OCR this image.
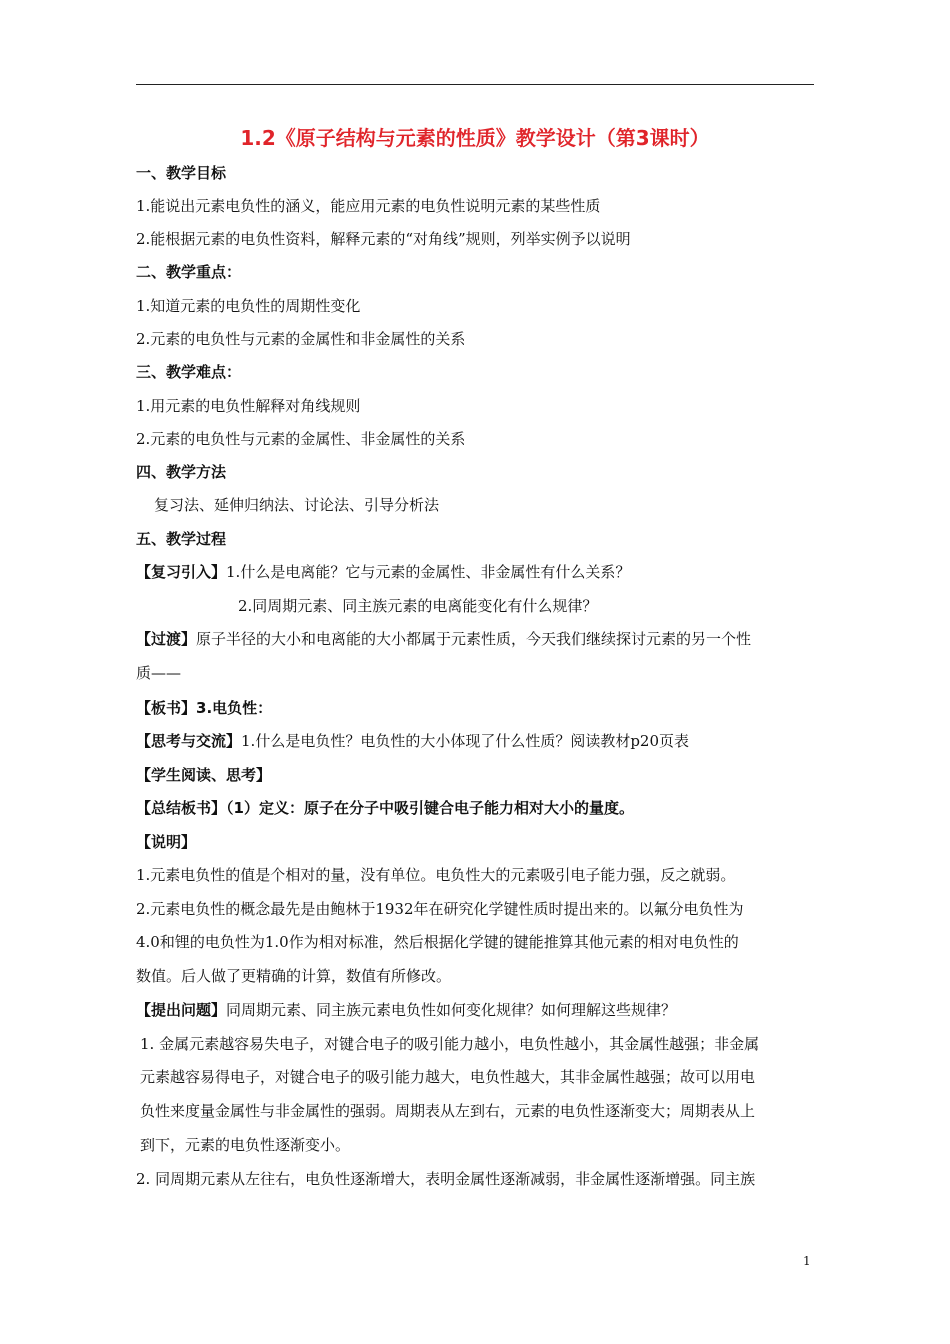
1.2《原子结构与元素的性质》教学设计（第3课时）
一、教学目标
1.能说出元素电负性的涵义，能应用元素的电负性说明元素的某些性质
2.能根据元素的电负性资料，解释元素的“对角线”规则，列举实例予以说明
二、教学重点：
1.知道元素的电负性的周期性变化
2.元素的电负性与元素的金属性和非金属性的关系
三、教学难点：
1.用元素的电负性解释对角线规则
2.元素的电负性与元素的金属性、非金属性的关系
四、教学方法
复习法、延伸归纳法、讨论法、引导分析法
五、教学过程
【复习引入】1.什么是电离能？它与元素的金属性、非金属性有什么关系？
2.同周期元素、同主族元素的电离能变化有什么规律？
【过渡】原子半径的大小和电离能的大小都属于元素性质，今天我们继续探讨元素的另一个性
质——
【板书】3.电负性：
【思考与交流】1.什么是电负性？电负性的大小体现了什么性质？阅读教材p20页表
【学生阅读、思考】
【总结板书】（1）定义：原子在分子中吸引键合电子能力相对大小的量度。
【说明】
1.元素电负性的值是个相对的量，没有单位。电负性大的元素吸引电子能力强，反之就弱。
2.元素电负性的概念最先是由鲍林于1932年在研究化学键性质时提出来的。以氟分电负性为
4.0和锂的电负性为1.0作为相对标准，然后根据化学键的键能推算其他元素的相对电负性的
数值。后人做了更精确的计算，数值有所修改。
【提出问题】同周期元素、同主族元素电负性如何变化规律？如何理解这些规律？
1. 金属元素越容易失电子，对键合电子的吸引能力越小，电负性越小，其金属性越强；非金属
元素越容易得电子，对键合电子的吸引能力越大，电负性越大，其非金属性越强；故可以用电
负性来度量金属性与非金属性的强弱。周期表从左到右，元素的电负性逐渐变大；周期表从上
到下，元素的电负性逐渐变小。
2. 同周期元素从左往右，电负性逐渐增大，表明金属性逐渐减弱，非金属性逐渐增强。同主族
1
